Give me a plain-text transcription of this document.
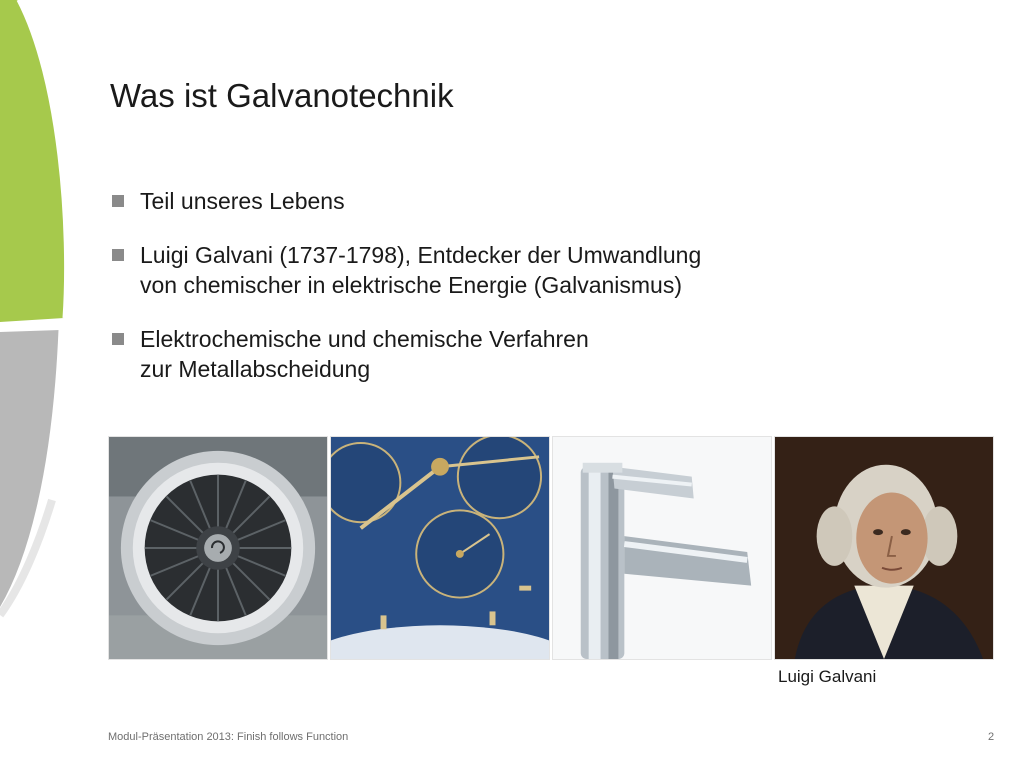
Was ist Galvanotechnik
Teil unseres Lebens
Luigi Galvani (1737-1798), Entdecker der Umwandlung
von chemischer in elektrische Energie (Galvanismus)
Elektrochemische und chemische Verfahren
zur Metallabscheidung
Luigi Galvani
Modul-Präsentation 2013: Finish follows Function	2
